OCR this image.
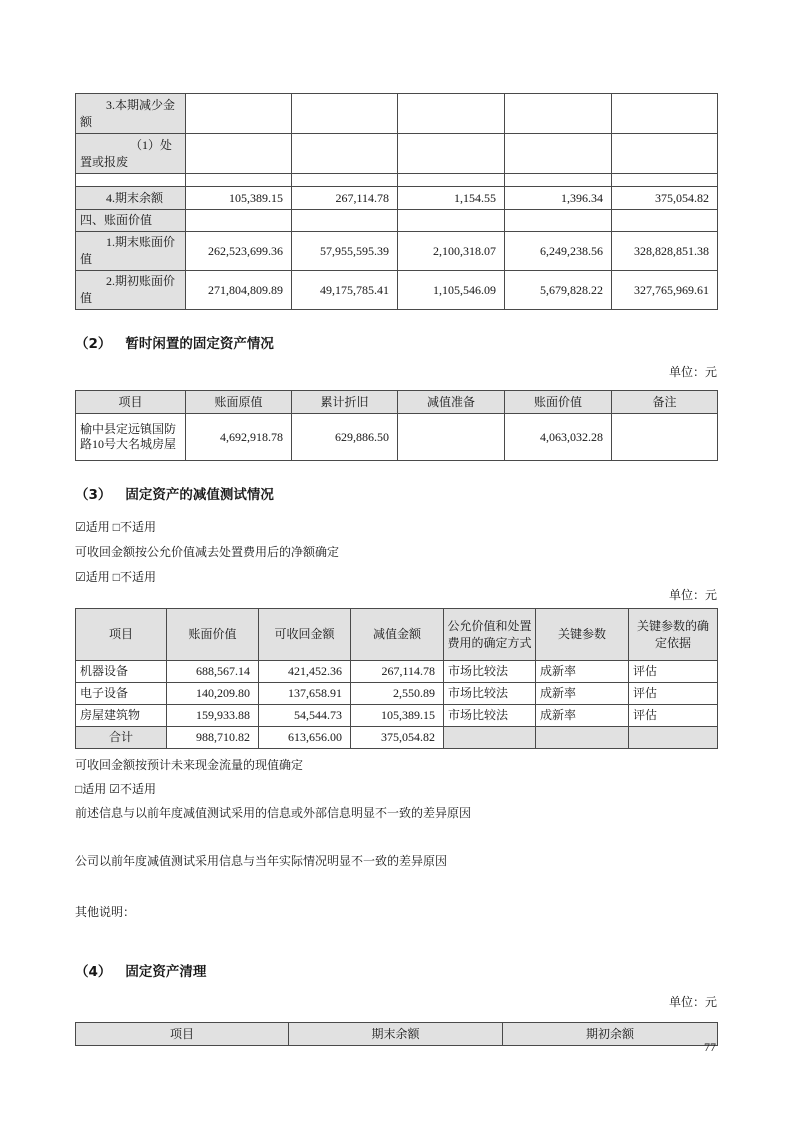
3.本期减少金额					
（1）处置或报废					

4.期末余额	105,389.15	267,114.78	1,154.55	1,396.34	375,054.82
四、账面价值					
1.期末账面价值	262,523,699.36	57,955,595.39	2,100,318.07	6,249,238.56	328,828,851.38
2.期初账面价值	271,804,809.89	49,175,785.41	1,105,546.09	5,679,828.22	327,765,969.61
（2） 暂时闲置的固定资产情况
单位：元
项目	账面原值	累计折旧	减值准备	账面价值	备注
榆中县定远镇国防路10号大名城房屋	4,692,918.78	629,886.50		4,063,032.28	
（3） 固定资产的减值测试情况
☑适用 □不适用
可收回金额按公允价值减去处置费用后的净额确定
☑适用 □不适用
单位：元
项目	账面价值	可收回金额	减值金额	公允价值和处置费用的确定方式	关键参数	关键参数的确定依据
机器设备	688,567.14	421,452.36	267,114.78	市场比较法	成新率	评估
电子设备	140,209.80	137,658.91	2,550.89	市场比较法	成新率	评估
房屋建筑物	159,933.88	54,544.73	105,389.15	市场比较法	成新率	评估
合计	988,710.82	613,656.00	375,054.82			
可收回金额按预计未来现金流量的现值确定
□适用 ☑不适用
前述信息与以前年度减值测试采用的信息或外部信息明显不一致的差异原因
公司以前年度减值测试采用信息与当年实际情况明显不一致的差异原因
其他说明：
（4） 固定资产清理
单位：元
项目	期末余额	期初余额
77
